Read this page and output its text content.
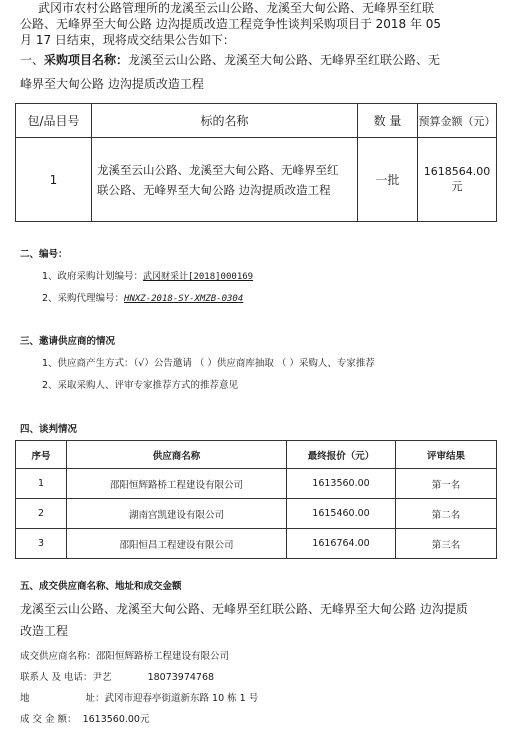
武冈市农村公路管理所的龙溪至云山公路、龙溪至大甸公路、无峰界至红联
公路、无峰界至大甸公路 边沟提质改造工程竞争性谈判采购项目于 2018 年 05
月 17 日结束，现将成交结果公告如下：
一、采购项目名称：龙溪至云山公路、龙溪至大甸公路、无峰界至红联公路、无
峰界至大甸公路 边沟提质改造工程
包/品目号	标的名称	数 量	预算金额（元）
1	龙溪至云山公路、龙溪至大甸公路、无峰界至红
联公路、无峰界至大甸公路 边沟提质改造工程	一批	1618564.00 元
二、编号：
1、政府采购计划编号：武冈财采计[2018]000169
2、采购代理编号：HNXZ-2018-SY-XMZB-0304
三、邀请供应商的情况
1、供应商产生方式：（√）公告邀请 （ ）供应商库抽取 （ ）采购人、专家推荐
2、采取采购人、评审专家推荐方式的推荐意见
四、谈判情况
序号	供应商名称	最终报价（元）	评审结果
1	邵阳恒辉路桥工程建设有限公司	1613560.00	第一名
2	湖南宫凯建设有限公司	1615460.00	第二名
3	邵阳恒昌工程建设有限公司	1616764.00	第三名
五、成交供应商名称、地址和成交金额
龙溪至云山公路、龙溪至大甸公路、无峰界至红联公路、无峰界至大甸公路 边沟提质
改造工程
成交供应商名称：邵阳恒辉路桥工程建设有限公司
联系人 及 电话：尹艺	18073974768
地	址：武冈市迎春亭街道新东路 10 栋 1 号
成 交 金 额： 1613560.00元
